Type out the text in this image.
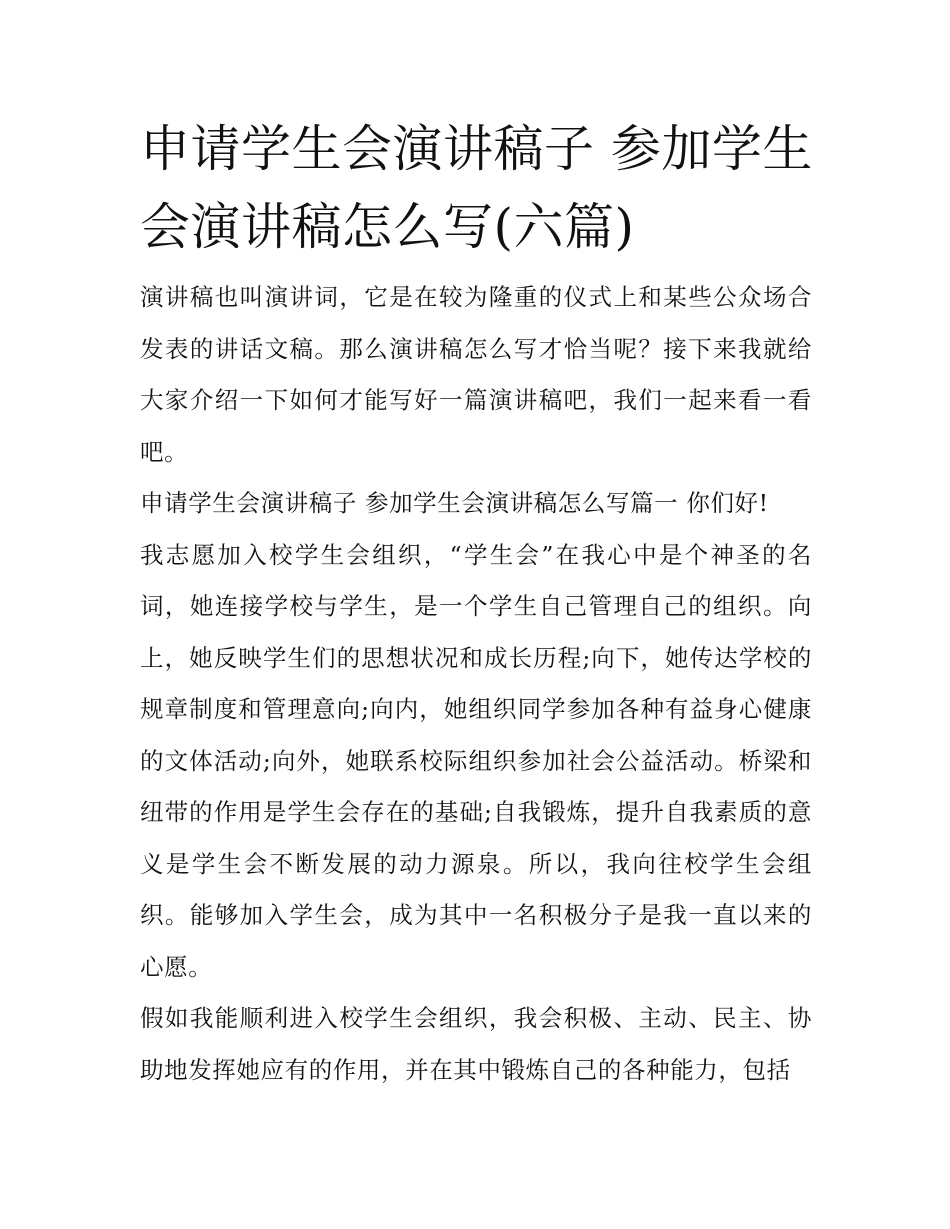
申请学生会演讲稿子 参加学生会演讲稿怎么写(六篇)

演讲稿也叫演讲词，它是在较为隆重的仪式上和某些公众场合发表的讲话文稿。那么演讲稿怎么写才恰当呢？接下来我就给大家介绍一下如何才能写好一篇演讲稿吧，我们一起来看一看吧。

申请学生会演讲稿子 参加学生会演讲稿怎么写篇一 你们好!

我志愿加入校学生会组织，“学生会”在我心中是个神圣的名词，她连接学校与学生，是一个学生自己管理自己的组织。向上，她反映学生们的思想状况和成长历程;向下，她传达学校的规章制度和管理意向;向内，她组织同学参加各种有益身心健康的文体活动;向外，她联系校际组织参加社会公益活动。桥梁和纽带的作用是学生会存在的基础;自我锻炼，提升自我素质的意义是学生会不断发展的动力源泉。所以，我向往校学生会组织。能够加入学生会，成为其中一名积极分子是我一直以来的心愿。

假如我能顺利进入校学生会组织，我会积极、主动、民主、协助地发挥她应有的作用，并在其中锻炼自己的各种能力，包括
